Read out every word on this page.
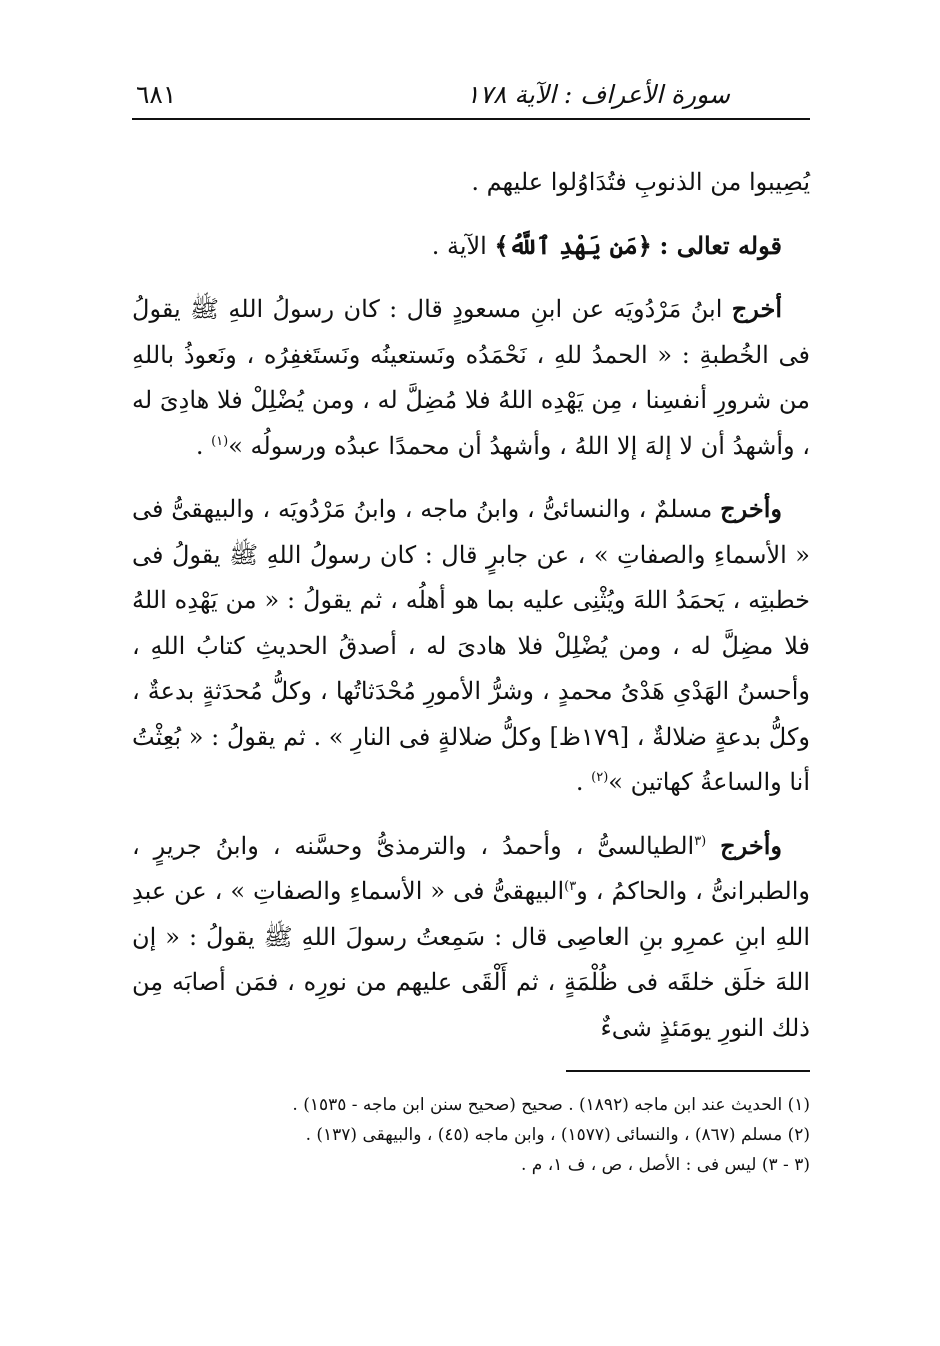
سورة الأعراف : الآية ١٧٨
٦٨١

يُصِيبوا من الذنوبِ فتُدَاوُلوا عليهم .

قوله تعالى : ﴿مَن يَهْدِ ٱللَّهُ﴾ الآية .

أخرج ابنُ مَرْدُويَه عن ابنِ مسعودٍ قال : كان رسولُ اللهِ ﷺ يقولُ فى الخُطبةِ : « الحمدُ للهِ ، نَحْمَدُه ونَستعينُه ونَستَغفِرُه ، ونَعوذُ باللهِ من شرورِ أنفسِنا ، مِن يَهْدِه اللهُ فلا مُضِلَّ له ، ومن يُضْلِلْ فلا هادِىَ له ، وأشهدُ أن لا إلهَ إلا اللهُ ، وأشهدُ أن محمدًا عبدُه ورسولُه »$^{(١)}$ .

وأخرج مسلمٌ ، والنسائىُّ ، وابنُ ماجه ، وابنُ مَرْدُويَه ، والبيهقىُّ فى « الأسماءِ والصفاتِ » ، عن جابرٍ قال : كان رسولُ اللهِ ﷺ يقولُ فى خطبتِه ، يَحمَدُ اللهَ ويُثْنِى عليه بما هو أهلُه ، ثم يقولُ : « من يَهْدِه اللهُ فلا مضِلَّ له ، ومن يُضْلِلْ فلا هادىَ له ، أصدقُ الحديثِ كتابُ اللهِ ، وأحسنُ الهَدْىِ هَدْىُ محمدٍ ، وشرُّ الأمورِ مُحْدَثاتُها ، وكلُّ مُحدَثةٍ بدعةٌ ، وكلُّ بدعةٍ ضلالةٌ ، [١٧٩ظ] وكلُّ ضلالةٍ فى النارِ » . ثم يقولُ : « بُعِثْتُ أنا والساعةُ كهاتين »$^{(٢)}$ .

وأخرج $^{(٣}$الطيالسىُّ ، وأحمدُ ، والترمذىُّ وحسَّنه ، وابنُ جريرٍ ، والطبرانىُّ ، والحاكمُ ، و$^{٣)}$البيهقىُّ فى « الأسماءِ والصفاتِ » ، عن عبدِ اللهِ ابنِ عمرِو بنِ العاصِى قال : سَمِعتُ رسولَ اللهِ ﷺ يقولُ : « إن اللهَ خلَق خلقَه فى ظُلْمَةٍ ، ثم أَلْقَى عليهم من نورِه ، فمَن أصابَه مِن ذلك النورِ يومَئذٍ شىءٌ

(١) الحديث عند ابن ماجه (١٨٩٢) . صحيح (صحيح سنن ابن ماجه - ١٥٣٥) .

(٢) مسلم (٨٦٧) ، والنسائى (١٥٧٧) ، وابن ماجه (٤٥) ، والبيهقى (١٣٧) .

(٣ - ٣) ليس فى : الأصل ، ص ، ف ١، م .
